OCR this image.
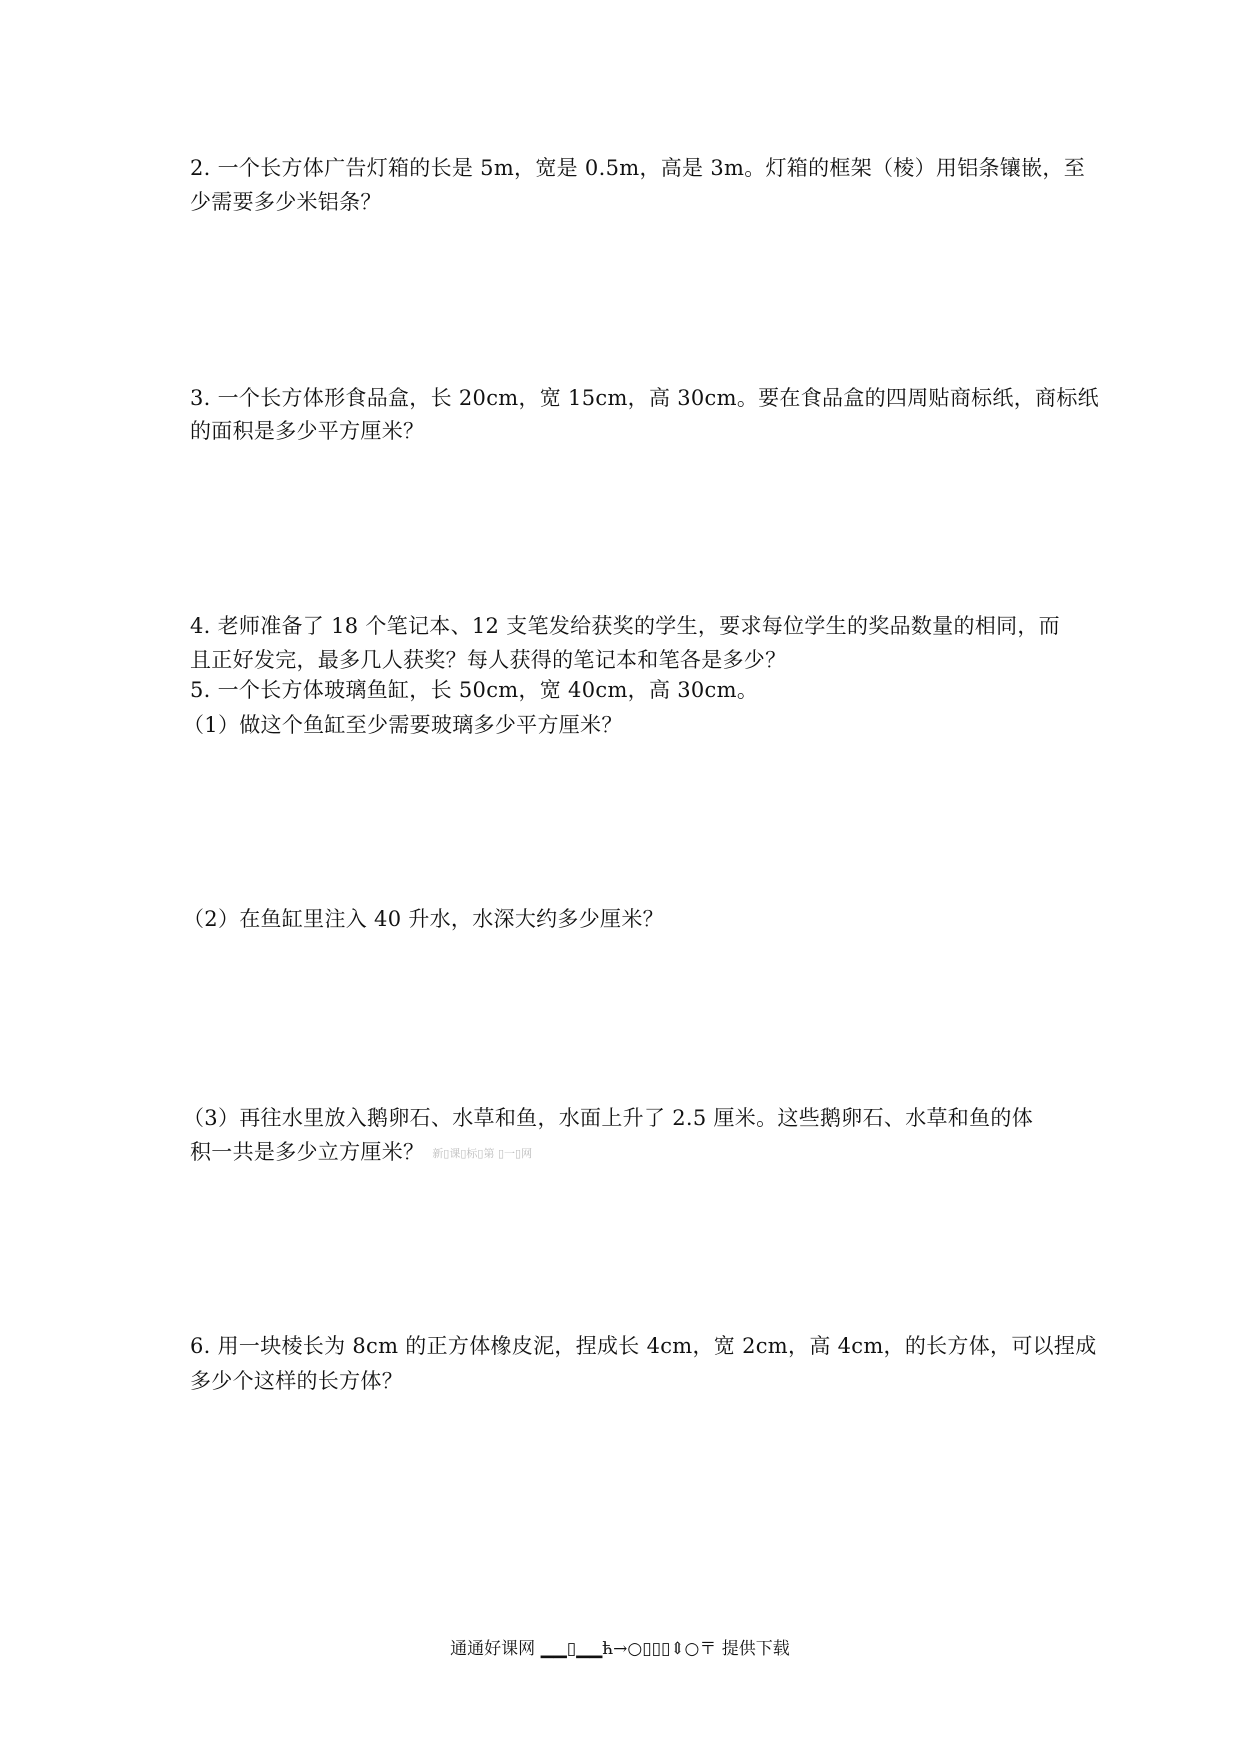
2. 一个长方体广告灯箱的长是 5m，宽是 0.5m，高是 3m。灯箱的框架（棱）用铝条镶嵌，至
少需要多少米铝条？
3. 一个长方体形食品盒，长 20cm，宽 15cm，高 30cm。要在食品盒的四周贴商标纸，商标纸
的面积是多少平方厘米？
4. 老师准备了 18 个笔记本、12 支笔发给获奖的学生，要求每位学生的奖品数量的相同，而
且正好发完，最多几人获奖？每人获得的笔记本和笔各是多少？
5. 一个长方体玻璃鱼缸，长 50cm，宽 40cm，高 30cm。
（1）做这个鱼缸至少需要玻璃多少平方厘米？
（2）在鱼缸里注入 40 升水，水深大约多少厘米？
（3）再往水里放入鹅卵石、水草和鱼，水面上升了 2.5 厘米。这些鹅卵石、水草和鱼的体
积一共是多少立方厘米？ 新▯课▯标▯第 ▯一▯网
6. 用一块棱长为 8cm 的正方体橡皮泥，捏成长 4cm，宽 2cm，高 4cm，的长方体，可以捏成
多少个这样的长方体？
通通好课网 ▁▁▯▁▁ћ→○▯▯▯⇕○〒 提供下载
